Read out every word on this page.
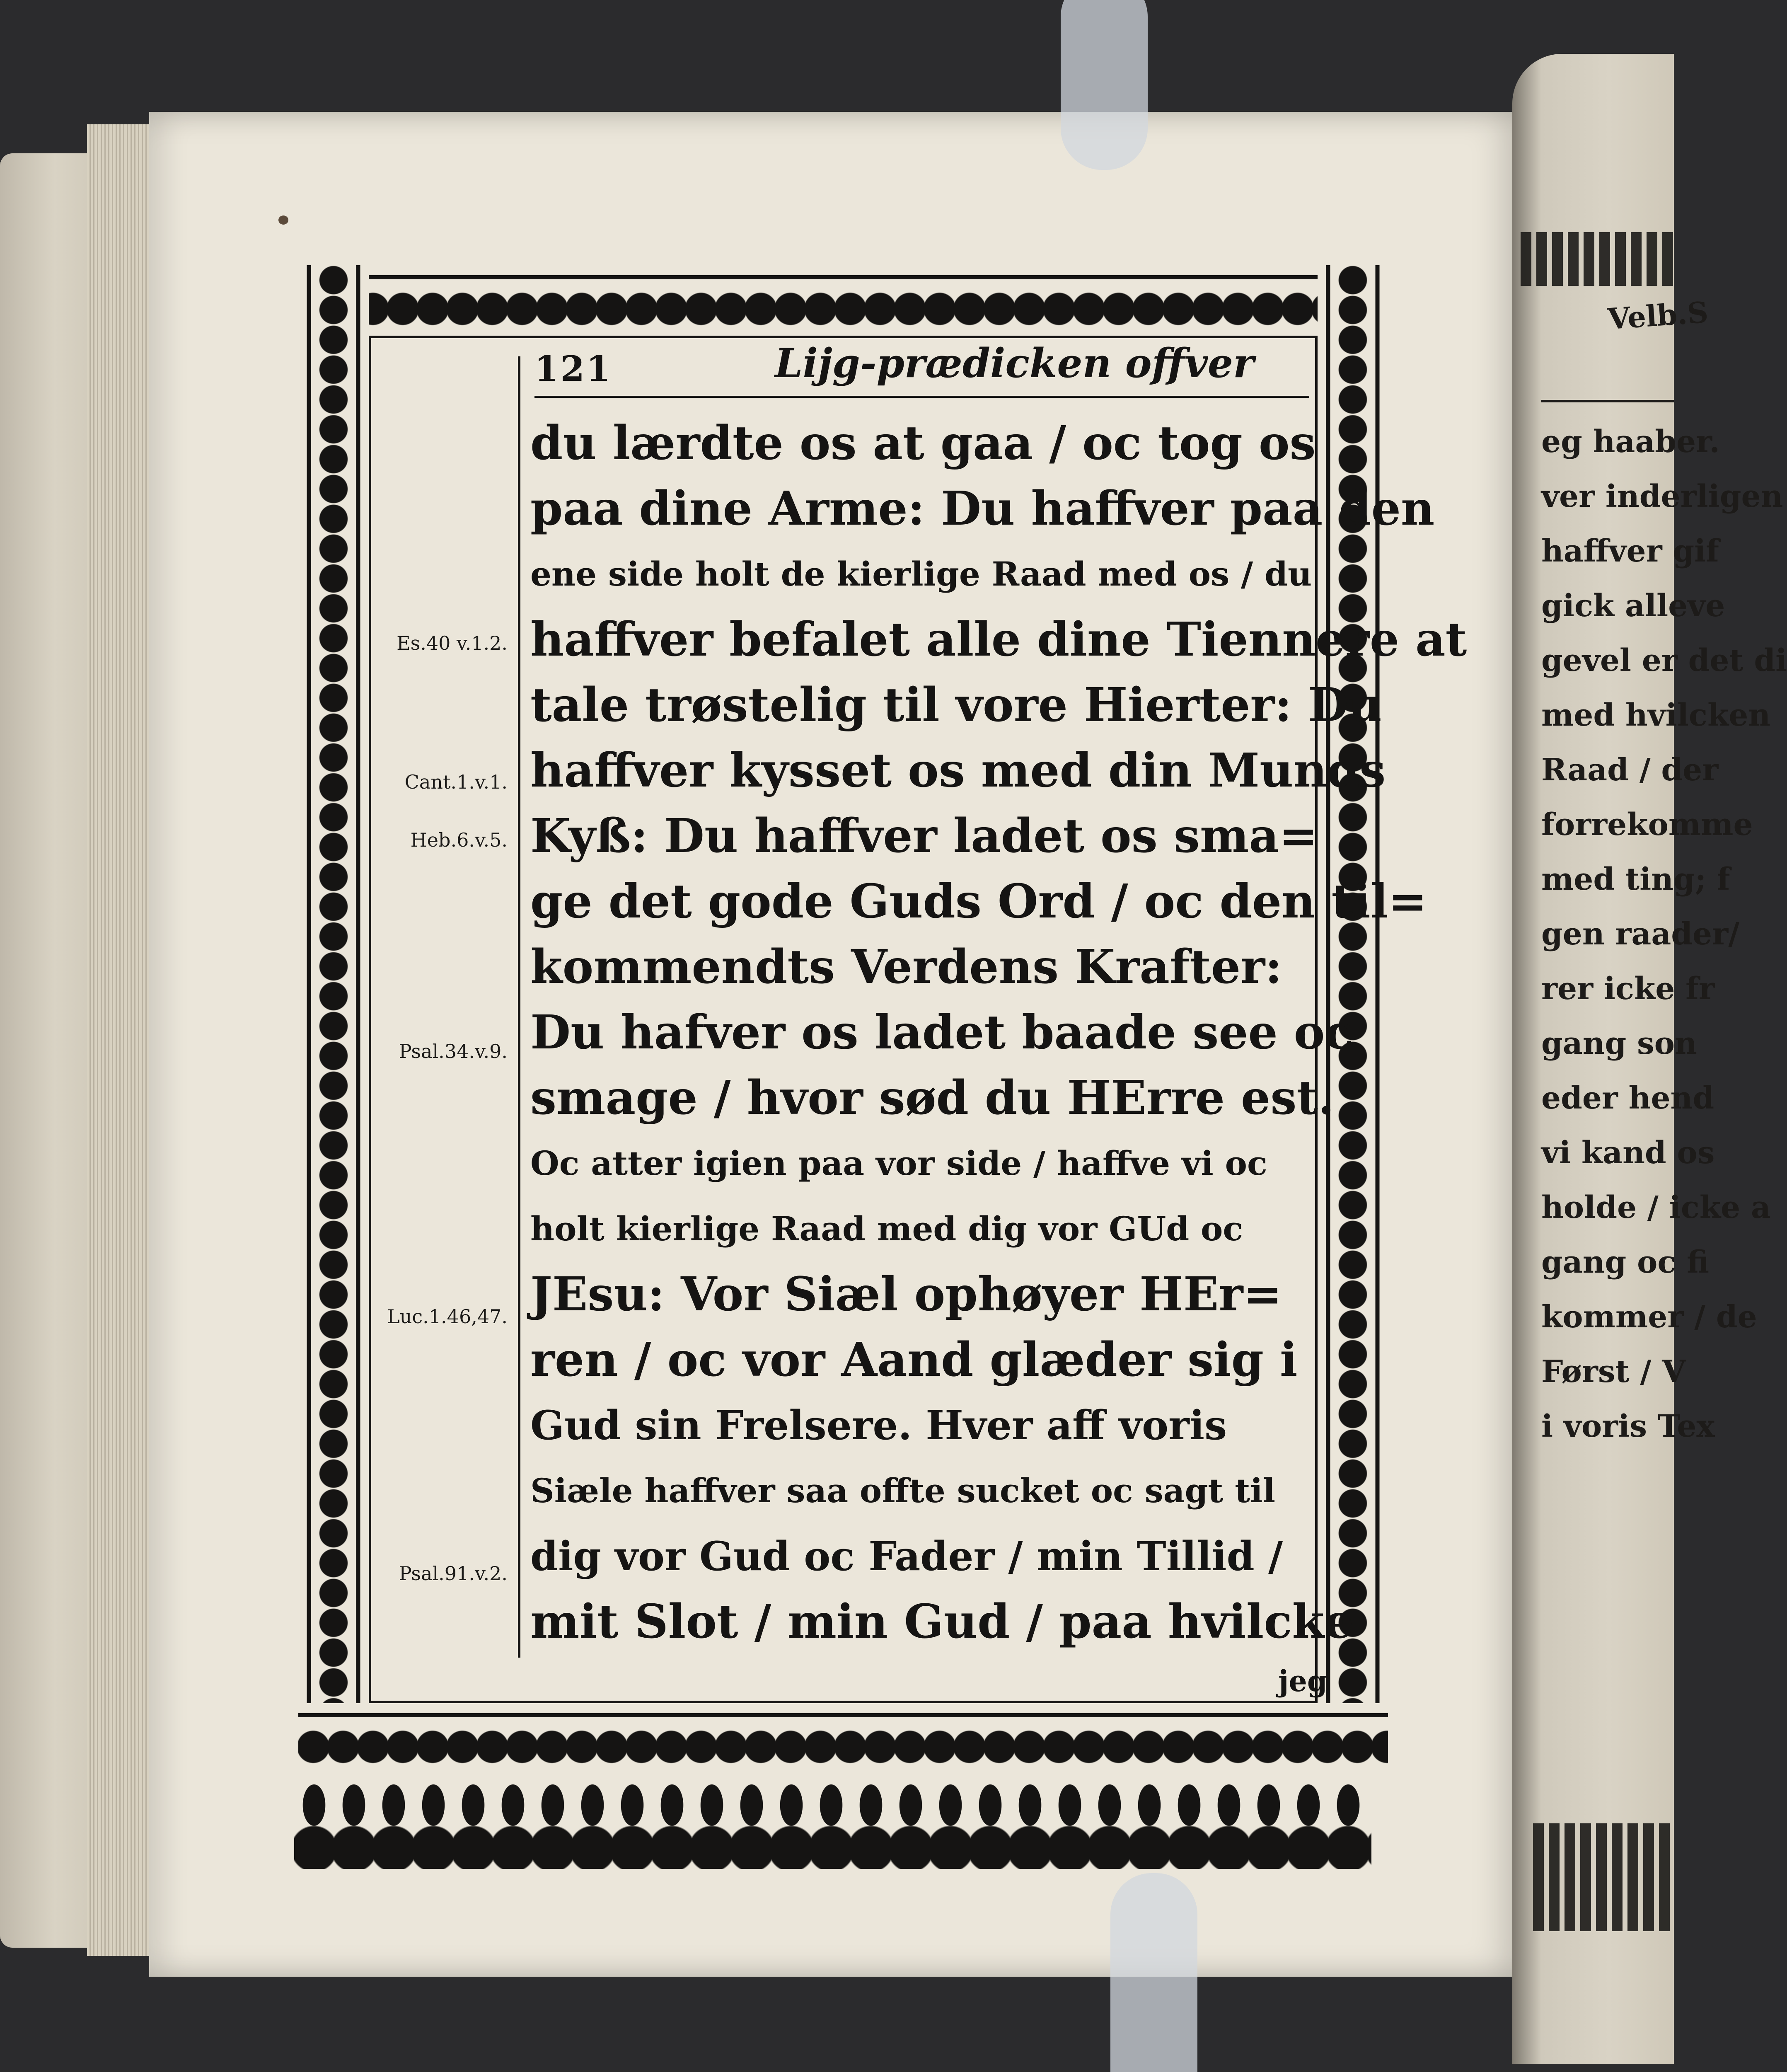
121	Lijg-prædicken offver
Es.40 v.1.2.
Cant.1.v.1.
Heb.6.v.5.
Psal.34.v.9.
Luc.1.46,47.
Psal.91.v.2.
du lærdte os at gaa / oc tog os
paa dine Arme: Du haffver paa den
ene side holt de kierlige Raad med os / du
haffver befalet alle dine Tiennere at
tale trøstelig til vore Hierter: Du
haffver kysset os med din Munds
Kyß: Du haffver ladet os sma=
ge det gode Guds Ord / oc den til=
kommendts Verdens Krafter:
Du hafver os ladet baade see oc
smage / hvor sød du HErre est.
Oc atter igien paa vor side / haffve vi oc
holt kierlige Raad med dig vor GUd oc
JEsu: Vor Siæl ophøyer HEr=
ren / oc vor Aand glæder sig i
Gud sin Frelsere. Hver aff voris
Siæle haffver saa offte sucket oc sagt til
dig vor Gud oc Fader / min Tillid /
mit Slot / min Gud / paa hvilcke
jeg
Velb.S
eg haaber.
ver inderligen
haffver gif
gick alleve
gevel er det di
med hvilcken
Raad / der
forrekomme
med ting; f
gen raader/
rer icke fr
gang son
eder hend
vi kand os
holde / icke a
gang oc fi
kommer / de
Først / V
i voris Tex
